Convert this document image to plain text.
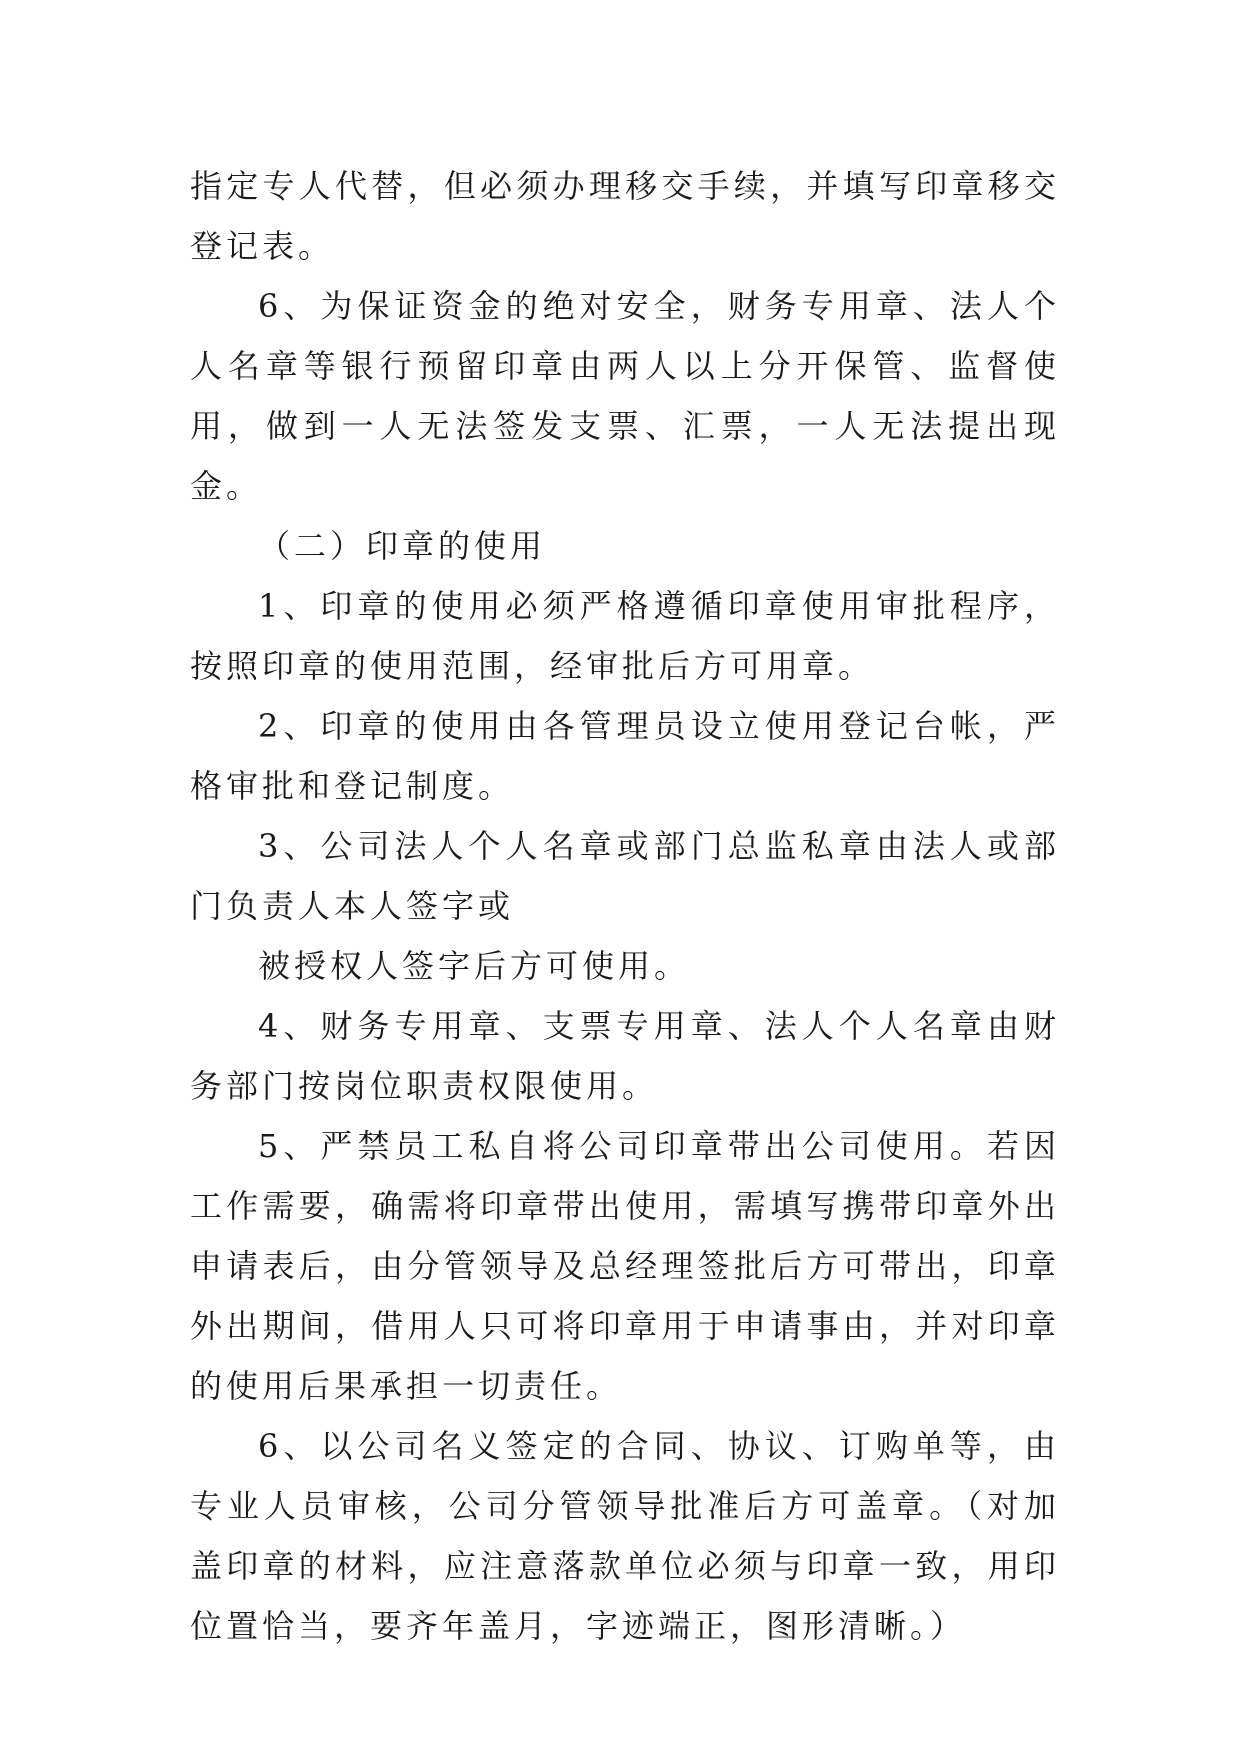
指定专人代替，但必须办理移交手续，并填写印章移交登记表。

6、为保证资金的绝对安全，财务专用章、法人个人名章等银行预留印章由两人以上分开保管、监督使用，做到一人无法签发支票、汇票，一人无法提出现金。

（二）印章的使用

1、印章的使用必须严格遵循印章使用审批程序，按照印章的使用范围，经审批后方可用章。

2、印章的使用由各管理员设立使用登记台帐，严格审批和登记制度。

3、公司法人个人名章或部门总监私章由法人或部门负责人本人签字或

被授权人签字后方可使用。

4、财务专用章、支票专用章、法人个人名章由财务部门按岗位职责权限使用。

5、严禁员工私自将公司印章带出公司使用。若因工作需要，确需将印章带出使用，需填写携带印章外出申请表后，由分管领导及总经理签批后方可带出，印章外出期间，借用人只可将印章用于申请事由，并对印章的使用后果承担一切责任。

6、以公司名义签定的合同、协议、订购单等，由专业人员审核，公司分管领导批准后方可盖章。（对加盖印章的材料，应注意落款单位必须与印章一致，用印位置恰当，要齐年盖月，字迹端正，图形清晰。）
